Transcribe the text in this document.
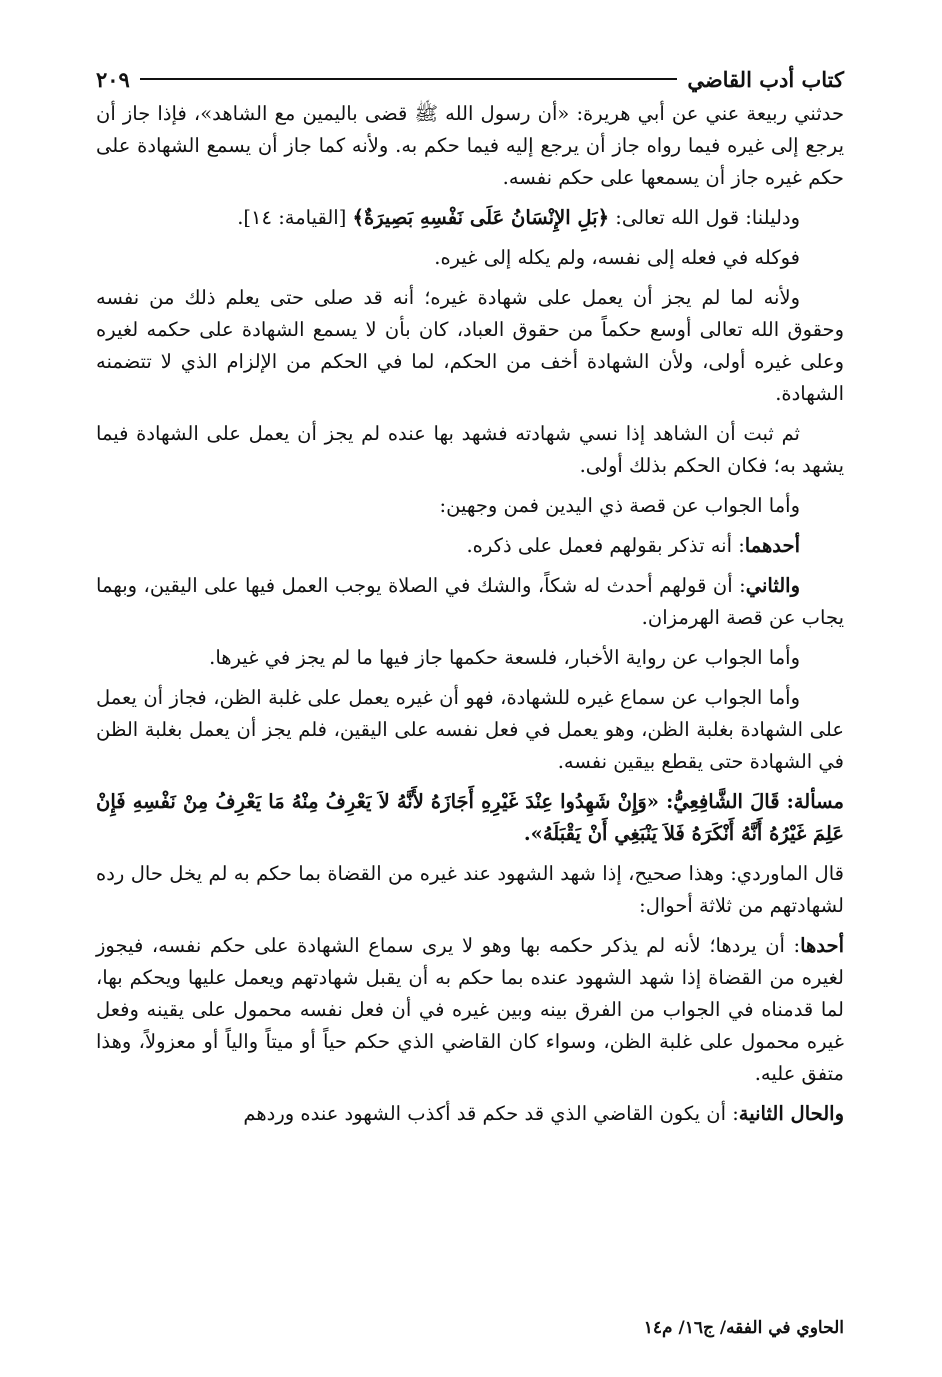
كتاب أدب القاضي
٢٠٩

حدثني ربيعة عني عن أبي هريرة: «أن رسول الله ﷺ قضى باليمين مع الشاهد»، فإذا جاز أن يرجع إلى غيره فيما رواه جاز أن يرجع إليه فيما حكم به. ولأنه كما جاز أن يسمع الشهادة على حكم غيره جاز أن يسمعها على حكم نفسه.

ودليلنا: قول الله تعالى: ﴿بَلِ الإِنْسَانُ عَلَى نَفْسِهِ بَصِيرَةٌ﴾ [القيامة: ١٤].

فوكله في فعله إلى نفسه، ولم يكله إلى غيره.

ولأنه لما لم يجز أن يعمل على شهادة غيره؛ أنه قد صلى حتى يعلم ذلك من نفسه وحقوق الله تعالى أوسع حكماً من حقوق العباد، كان بأن لا يسمع الشهادة على حكمه لغيره وعلى غيره أولى، ولأن الشهادة أخف من الحكم، لما في الحكم من الإلزام الذي لا تتضمنه الشهادة.

ثم ثبت أن الشاهد إذا نسي شهادته فشهد بها عنده لم يجز أن يعمل على الشهادة فيما يشهد به؛ فكان الحكم بذلك أولى.

وأما الجواب عن قصة ذي اليدين فمن وجهين:

أحدهما: أنه تذكر بقولهم فعمل على ذكره.

والثاني: أن قولهم أحدث له شكاً، والشك في الصلاة يوجب العمل فيها على اليقين، وبهما يجاب عن قصة الهرمزان.

وأما الجواب عن رواية الأخبار، فلسعة حكمها جاز فيها ما لم يجز في غيرها.

وأما الجواب عن سماع غيره للشهادة، فهو أن غيره يعمل على غلبة الظن، فجاز أن يعمل على الشهادة بغلبة الظن، وهو يعمل في فعل نفسه على اليقين، فلم يجز أن يعمل بغلبة الظن في الشهادة حتى يقطع بيقين نفسه.

مسألة: قَالَ الشَّافِعِيُّ: «وَإِنْ شَهِدُوا عِنْدَ غَيْرِهِ أَجَازَهُ لأَنَّهُ لاَ يَعْرِفُ مِنْهُ مَا يَعْرِفُ مِنْ نَفْسِهِ فَإِنْ عَلِمَ غَيْرُهُ أَنَّهُ أَنْكَرَهُ فَلاَ يَنْبَغِي أَنْ يَقْبَلَهُ».

قال الماوردي: وهذا صحيح، إذا شهد الشهود عند غيره من القضاة بما حكم به لم يخل حال رده لشهادتهم من ثلاثة أحوال:

أحدها: أن يردها؛ لأنه لم يذكر حكمه بها وهو لا يرى سماع الشهادة على حكم نفسه، فيجوز لغيره من القضاة إذا شهد الشهود عنده بما حكم به أن يقبل شهادتهم ويعمل عليها ويحكم بها، لما قدمناه في الجواب من الفرق بينه وبين غيره في أن فعل نفسه محمول على يقينه وفعل غيره محمول على غلبة الظن، وسواء كان القاضي الذي حكم حياً أو ميتاً والياً أو معزولاً، وهذا متفق عليه.

والحال الثانية: أن يكون القاضي الذي قد حكم قد أكذب الشهود عنده وردهم

الحاوي في الفقه/ ج١٦/ م١٤
